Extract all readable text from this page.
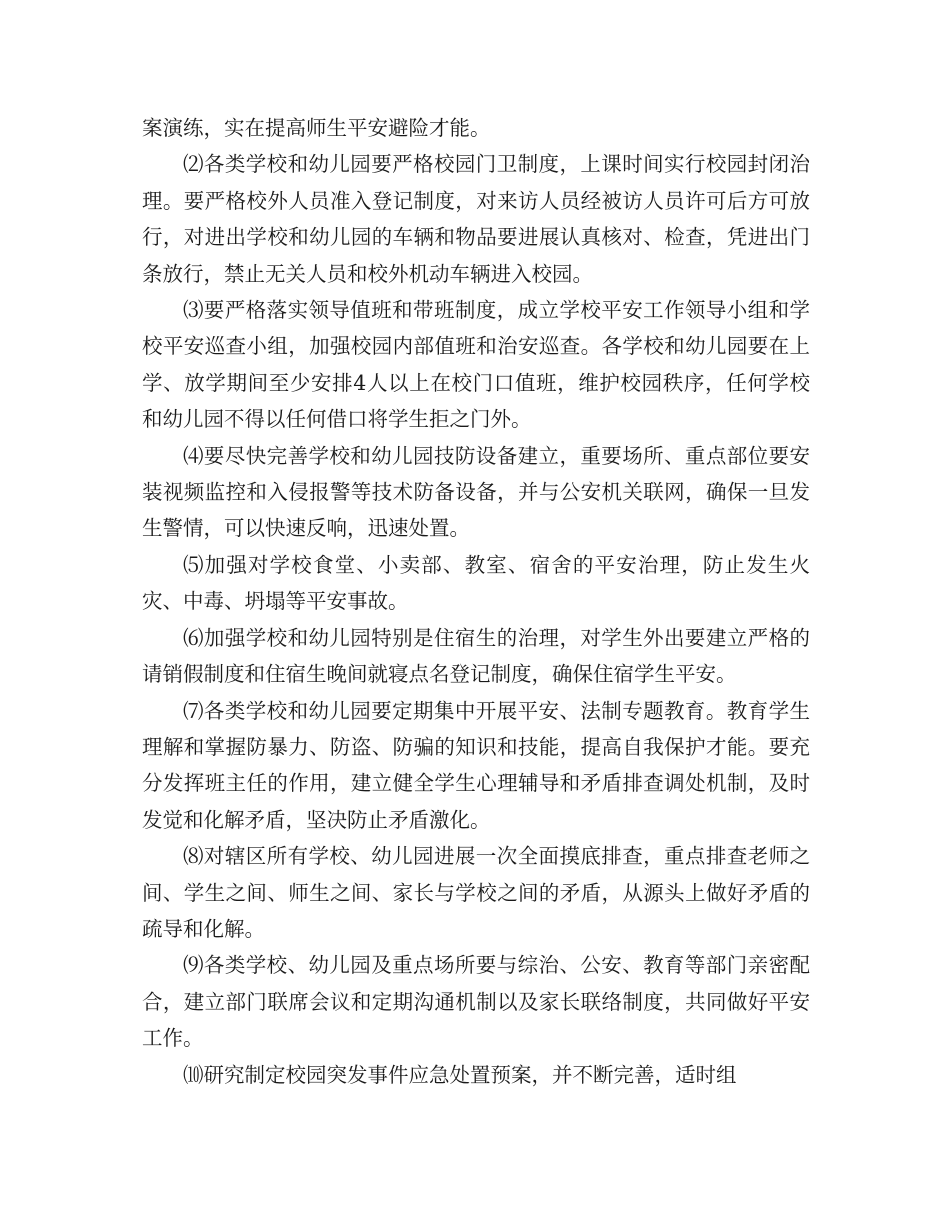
案演练，实在提高师生平安避险才能。

⑵各类学校和幼儿园要严格校园门卫制度，上课时间实行校园封闭治理。要严格校外人员准入登记制度，对来访人员经被访人员许可后方可放行，对进出学校和幼儿园的车辆和物品要进展认真核对、检查，凭进出门条放行，禁止无关人员和校外机动车辆进入校园。

⑶要严格落实领导值班和带班制度，成立学校平安工作领导小组和学校平安巡查小组，加强校园内部值班和治安巡查。各学校和幼儿园要在上学、放学期间至少安排4人以上在校门口值班，维护校园秩序，任何学校和幼儿园不得以任何借口将学生拒之门外。

⑷要尽快完善学校和幼儿园技防设备建立，重要场所、重点部位要安装视频监控和入侵报警等技术防备设备，并与公安机关联网，确保一旦发生警情，可以快速反响，迅速处置。

⑸加强对学校食堂、小卖部、教室、宿舍的平安治理，防止发生火灾、中毒、坍塌等平安事故。

⑹加强学校和幼儿园特别是住宿生的治理，对学生外出要建立严格的请销假制度和住宿生晚间就寝点名登记制度，确保住宿学生平安。

⑺各类学校和幼儿园要定期集中开展平安、法制专题教育。教育学生理解和掌握防暴力、防盗、防骗的知识和技能，提高自我保护才能。要充分发挥班主任的作用，建立健全学生心理辅导和矛盾排查调处机制，及时发觉和化解矛盾，坚决防止矛盾激化。

⑻对辖区所有学校、幼儿园进展一次全面摸底排查，重点排查老师之间、学生之间、师生之间、家长与学校之间的矛盾，从源头上做好矛盾的疏导和化解。

⑼各类学校、幼儿园及重点场所要与综治、公安、教育等部门亲密配合，建立部门联席会议和定期沟通机制以及家长联络制度，共同做好平安工作。

⑽研究制定校园突发事件应急处置预案，并不断完善，适时组
